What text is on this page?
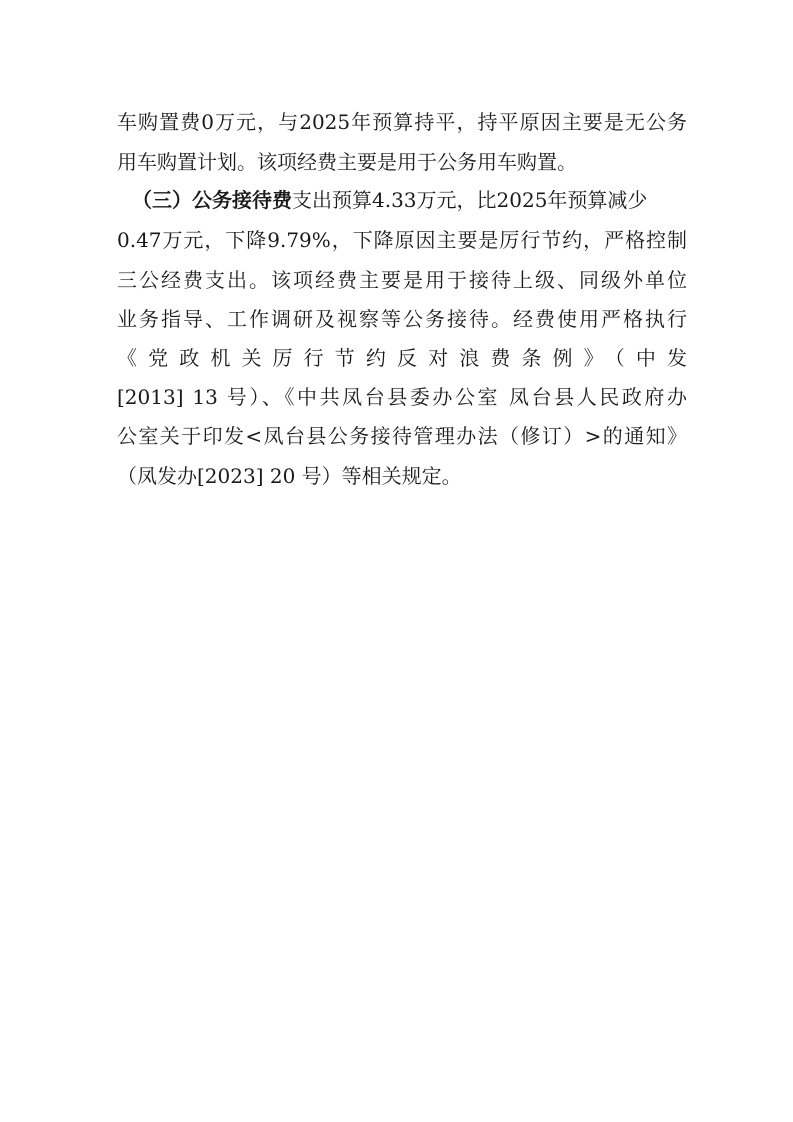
车购置费0万元，与2025年预算持平，持平原因主要是无公务
用车购置计划。该项经费主要是用于公务用车购置。
（三）公务接待费支出预算4.33万元，比2025年预算减少
0.47万元，下降9.79%，下降原因主要是厉行节约，严格控制
三公经费支出。该项经费主要是用于接待上级、同级外单位
业务指导、工作调研及视察等公务接待。经费使用严格执行
《党政机关厉行节约反对浪费条例》（中发
[2013] 13 号）、《中共凤台县委办公室 凤台县人民政府办
公室关于印发<凤台县公务接待管理办法（修订）>的通知》
（凤发办[2023] 20 号）等相关规定。
